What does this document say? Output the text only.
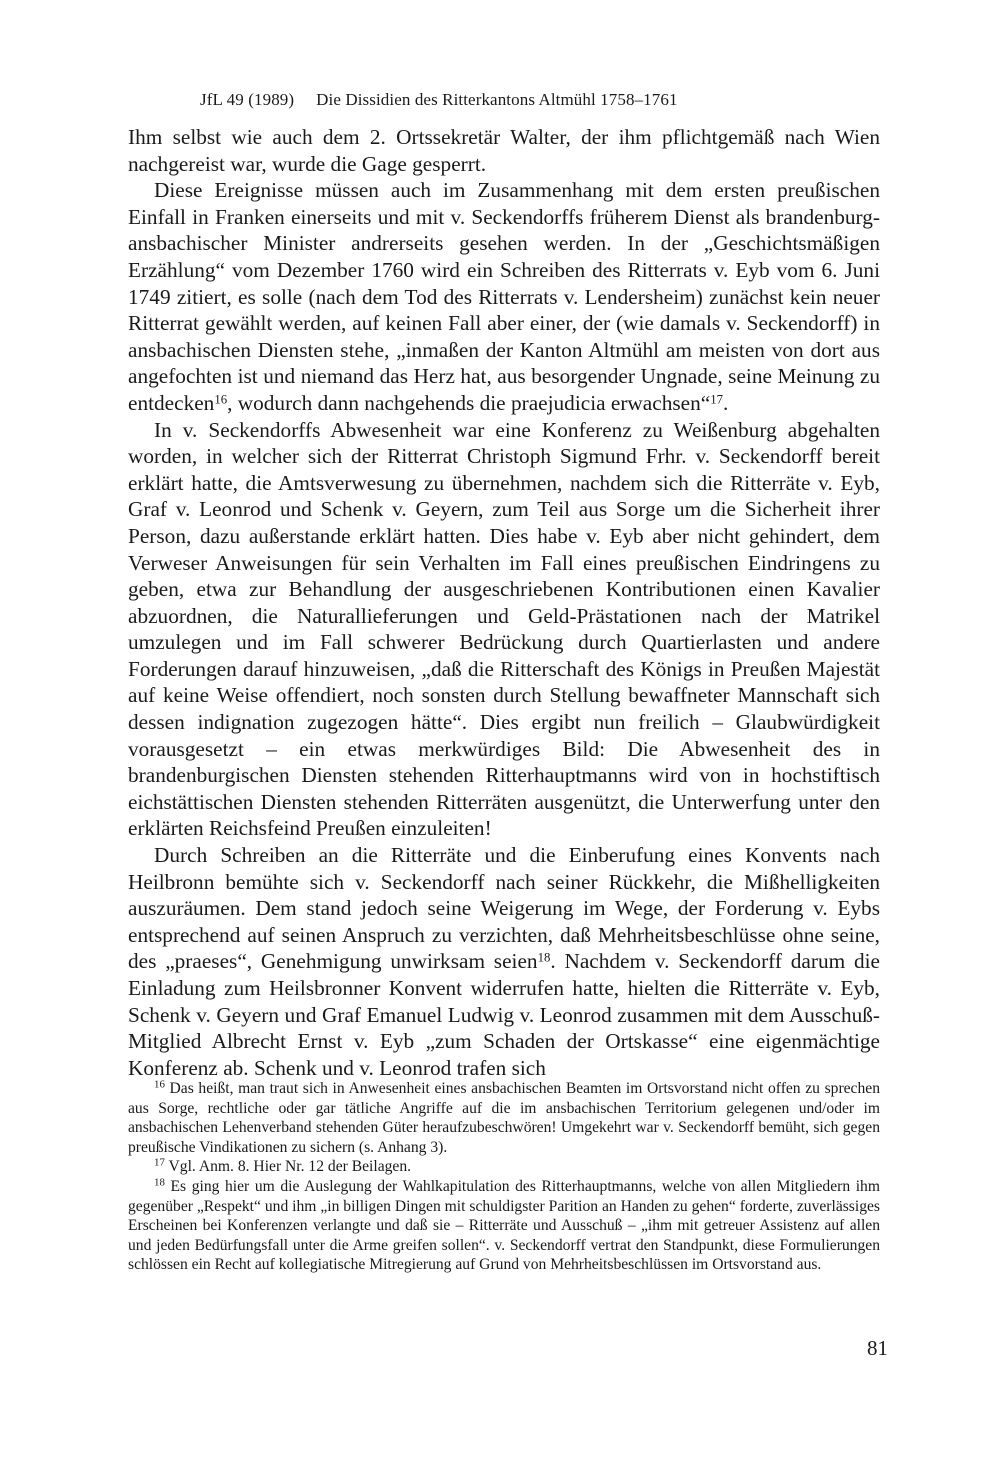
JfL 49 (1989) Die Dissidien des Ritterkantons Altmühl 1758–1761

Ihm selbst wie auch dem 2. Ortssekretär Walter, der ihm pflichtgemäß nach Wien nachgereist war, wurde die Gage gesperrt.

Diese Ereignisse müssen auch im Zusammenhang mit dem ersten preußischen Einfall in Franken einerseits und mit v. Seckendorffs früherem Dienst als brandenburg-ansbachischer Minister andrerseits gesehen werden. In der „Geschichtsmäßigen Erzählung“ vom Dezember 1760 wird ein Schreiben des Ritterrats v. Eyb vom 6. Juni 1749 zitiert, es solle (nach dem Tod des Ritterrats v. Lendersheim) zunächst kein neuer Ritterrat gewählt werden, auf keinen Fall aber einer, der (wie damals v. Seckendorff) in ansbachischen Diensten stehe, „inmaßen der Kanton Altmühl am meisten von dort aus angefochten ist und niemand das Herz hat, aus besorgender Ungnade, seine Meinung zu entdecken$^{16}$, wodurch dann nachgehends die praejudicia erwachsen“$^{17}$.

In v. Seckendorffs Abwesenheit war eine Konferenz zu Weißenburg abgehalten worden, in welcher sich der Ritterrat Christoph Sigmund Frhr. v. Seckendorff bereit erklärt hatte, die Amtsverwesung zu übernehmen, nachdem sich die Ritterräte v. Eyb, Graf v. Leonrod und Schenk v. Geyern, zum Teil aus Sorge um die Sicherheit ihrer Person, dazu außerstande erklärt hatten. Dies habe v. Eyb aber nicht gehindert, dem Verweser Anweisungen für sein Verhalten im Fall eines preußischen Eindringens zu geben, etwa zur Behandlung der ausgeschriebenen Kontributionen einen Kavalier abzuordnen, die Naturallieferungen und Geld-Prästationen nach der Matrikel umzulegen und im Fall schwerer Bedrückung durch Quartierlasten und andere Forderungen darauf hinzuweisen, „daß die Ritterschaft des Königs in Preußen Majestät auf keine Weise offendiert, noch sonsten durch Stellung bewaffneter Mannschaft sich dessen indignation zugezogen hätte“. Dies ergibt nun freilich – Glaubwürdigkeit vorausgesetzt – ein etwas merkwürdiges Bild: Die Abwesenheit des in brandenburgischen Diensten stehenden Ritterhauptmanns wird von in hochstiftisch eichstättischen Diensten stehenden Ritterräten ausgenützt, die Unterwerfung unter den erklärten Reichsfeind Preußen einzuleiten!

Durch Schreiben an die Ritterräte und die Einberufung eines Konvents nach Heilbronn bemühte sich v. Seckendorff nach seiner Rückkehr, die Mißhelligkeiten auszuräumen. Dem stand jedoch seine Weigerung im Wege, der Forderung v. Eybs entsprechend auf seinen Anspruch zu verzichten, daß Mehrheitsbeschlüsse ohne seine, des „praeses“, Genehmigung unwirksam seien$^{18}$. Nachdem v. Seckendorff darum die Einladung zum Heilsbronner Konvent widerrufen hatte, hielten die Ritterräte v. Eyb, Schenk v. Geyern und Graf Emanuel Ludwig v. Leonrod zusammen mit dem Ausschuß-Mitglied Albrecht Ernst v. Eyb „zum Schaden der Ortskasse“ eine eigenmächtige Konferenz ab. Schenk und v. Leonrod trafen sich

$^{16}$ Das heißt, man traut sich in Anwesenheit eines ansbachischen Beamten im Ortsvorstand nicht offen zu sprechen aus Sorge, rechtliche oder gar tätliche Angriffe auf die im ansbachischen Territorium gelegenen und/oder im ansbachischen Lehenverband stehenden Güter heraufzubeschwören! Umgekehrt war v. Seckendorff bemüht, sich gegen preußische Vindikationen zu sichern (s. Anhang 3).

$^{17}$ Vgl. Anm. 8. Hier Nr. 12 der Beilagen.

$^{18}$ Es ging hier um die Auslegung der Wahlkapitulation des Ritterhauptmanns, welche von allen Mitgliedern ihm gegenüber „Respekt“ und ihm „in billigen Dingen mit schuldigster Parition an Handen zu gehen“ forderte, zuverlässiges Erscheinen bei Konferenzen verlangte und daß sie – Ritterräte und Ausschuß – „ihm mit getreuer Assistenz auf allen und jeden Bedürfungsfall unter die Arme greifen sollen“. v. Seckendorff vertrat den Standpunkt, diese Formulierungen schlössen ein Recht auf kollegiatische Mitregierung auf Grund von Mehrheitsbeschlüssen im Ortsvorstand aus.

81
